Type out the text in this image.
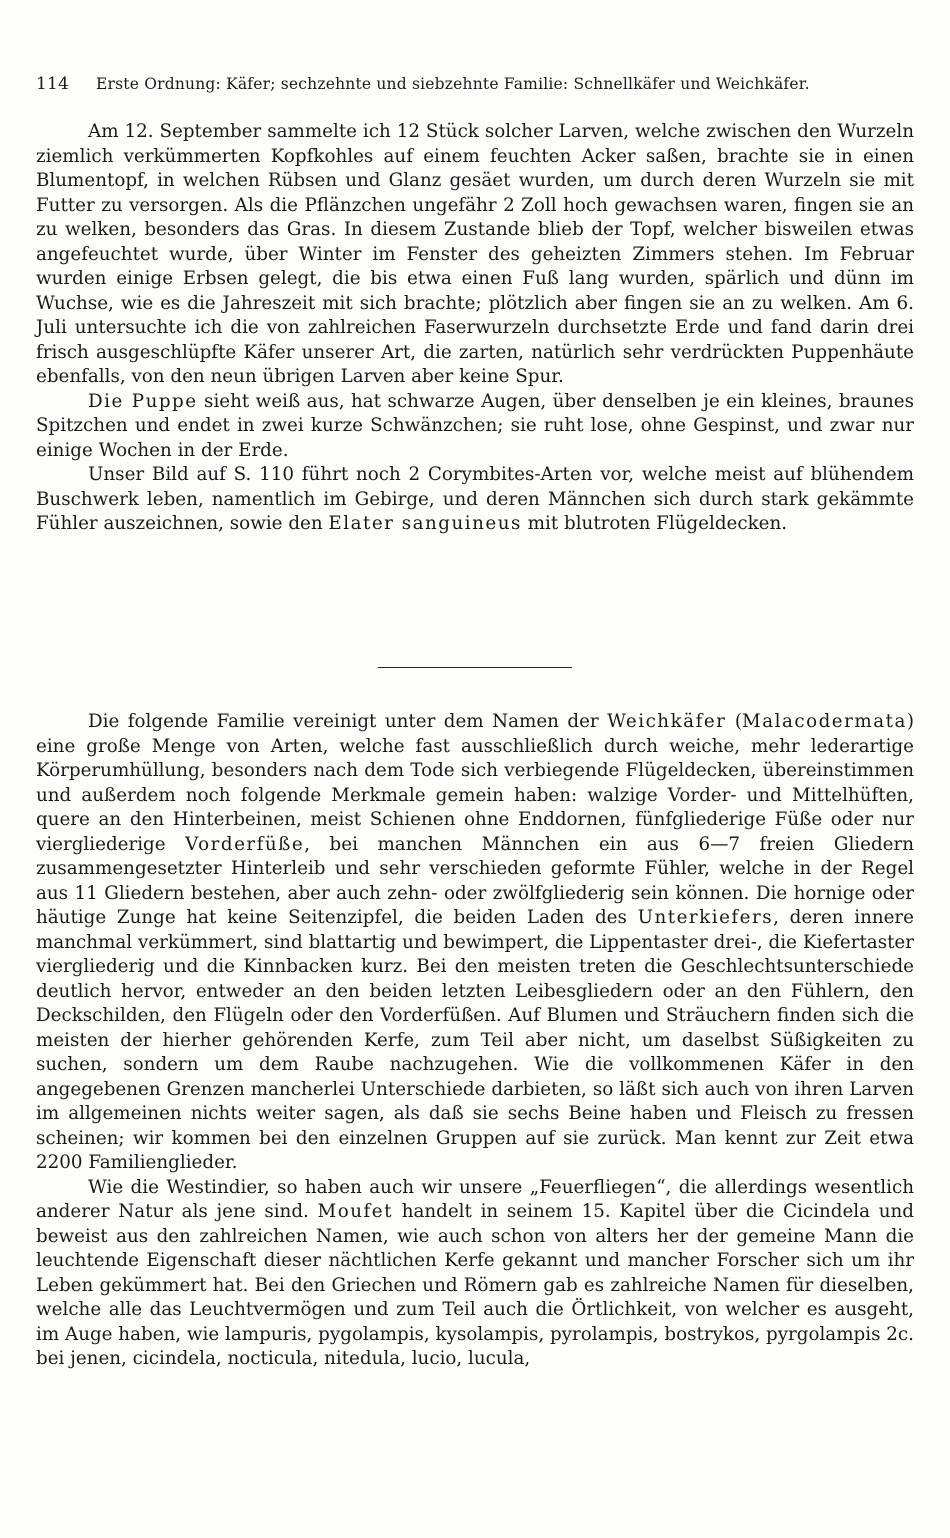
114 Erste Ordnung: Käfer; sechzehnte und siebzehnte Familie: Schnellkäfer und Weichkäfer.

Am 12. September sammelte ich 12 Stück solcher Larven, welche zwischen den Wurzeln ziemlich verkümmerten Kopfkohles auf einem feuchten Acker saßen, brachte sie in einen Blumentopf, in welchen Rübsen und Glanz gesäet wurden, um durch deren Wurzeln sie mit Futter zu versorgen. Als die Pflänzchen ungefähr 2 Zoll hoch gewachsen waren, fingen sie an zu welken, besonders das Gras. In diesem Zustande blieb der Topf, welcher bisweilen etwas angefeuchtet wurde, über Winter im Fenster des geheizten Zimmers stehen. Im Februar wurden einige Erbsen gelegt, die bis etwa einen Fuß lang wurden, spärlich und dünn im Wuchse, wie es die Jahreszeit mit sich brachte; plötzlich aber fingen sie an zu welken. Am 6. Juli untersuchte ich die von zahlreichen Faserwurzeln durchsetzte Erde und fand darin drei frisch ausgeschlüpfte Käfer unserer Art, die zarten, natürlich sehr verdrückten Puppenhäute ebenfalls, von den neun übrigen Larven aber keine Spur.

Die Puppe sieht weiß aus, hat schwarze Augen, über denselben je ein kleines, braunes Spitzchen und endet in zwei kurze Schwänzchen; sie ruht lose, ohne Gespinst, und zwar nur einige Wochen in der Erde.

Unser Bild auf S. 110 führt noch 2 Corymbites-Arten vor, welche meist auf blühendem Buschwerk leben, namentlich im Gebirge, und deren Männchen sich durch stark gekämmte Fühler auszeichnen, sowie den Elater sanguineus mit blutroten Flügeldecken.

Die folgende Familie vereinigt unter dem Namen der Weichkäfer (Malacodermata) eine große Menge von Arten, welche fast ausschließlich durch weiche, mehr lederartige Körperumhüllung, besonders nach dem Tode sich verbiegende Flügeldecken, übereinstimmen und außerdem noch folgende Merkmale gemein haben: walzige Vorder- und Mittelhüften, quere an den Hinterbeinen, meist Schienen ohne Enddornen, fünfgliederige Füße oder nur viergliederige Vorderfüße, bei manchen Männchen ein aus 6—7 freien Gliedern zusammengesetzter Hinterleib und sehr verschieden geformte Fühler, welche in der Regel aus 11 Gliedern bestehen, aber auch zehn- oder zwölfgliederig sein können. Die hornige oder häutige Zunge hat keine Seitenzipfel, die beiden Laden des Unterkiefers, deren innere manchmal verkümmert, sind blattartig und bewimpert, die Lippentaster drei-, die Kiefertaster viergliederig und die Kinnbacken kurz. Bei den meisten treten die Geschlechtsunterschiede deutlich hervor, entweder an den beiden letzten Leibesgliedern oder an den Fühlern, den Deckschilden, den Flügeln oder den Vorderfüßen. Auf Blumen und Sträuchern finden sich die meisten der hierher gehörenden Kerfe, zum Teil aber nicht, um daselbst Süßigkeiten zu suchen, sondern um dem Raube nachzugehen. Wie die vollkommenen Käfer in den angegebenen Grenzen mancherlei Unterschiede darbieten, so läßt sich auch von ihren Larven im allgemeinen nichts weiter sagen, als daß sie sechs Beine haben und Fleisch zu fressen scheinen; wir kommen bei den einzelnen Gruppen auf sie zurück. Man kennt zur Zeit etwa 2200 Familienglieder.

Wie die Westindier, so haben auch wir unsere „Feuerfliegen“, die allerdings wesentlich anderer Natur als jene sind. Moufet handelt in seinem 15. Kapitel über die Cicindela und beweist aus den zahlreichen Namen, wie auch schon von alters her der gemeine Mann die leuchtende Eigenschaft dieser nächtlichen Kerfe gekannt und mancher Forscher sich um ihr Leben gekümmert hat. Bei den Griechen und Römern gab es zahlreiche Namen für dieselben, welche alle das Leuchtvermögen und zum Teil auch die Örtlichkeit, von welcher es ausgeht, im Auge haben, wie lampuris, pygolampis, kysolampis, pyrolampis, bostrykos, pyrgolampis 2c. bei jenen, cicindela, nocticula, nitedula, lucio, lucula,
